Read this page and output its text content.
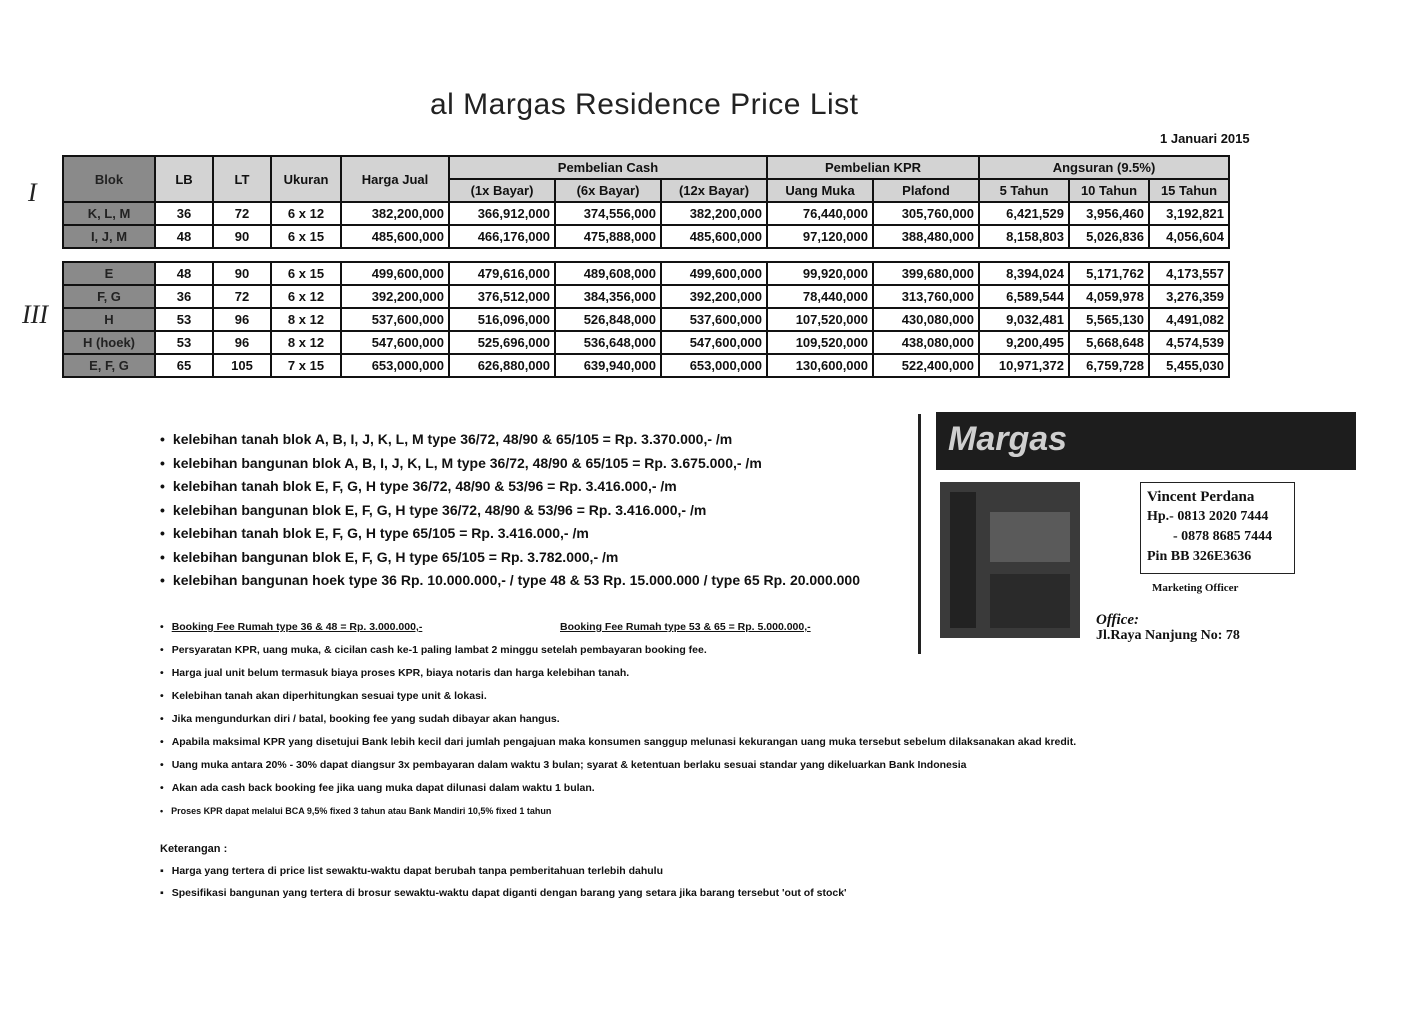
al Margas Residence Price List
1 Januari 2015
I
III
Blok	LB	LT	Ukuran	Harga Jual	Pembelian Cash			Pembelian KPR		Angsuran (9.5%)		
					(1x Bayar)	(6x Bayar)	(12x Bayar)	Uang Muka	Plafond	5 Tahun	10 Tahun	15 Tahun
K, L, M	36	72	6 x 12	382,200,000	366,912,000	374,556,000	382,200,000	76,440,000	305,760,000	6,421,529	3,956,460	3,192,821
I, J, M	48	90	6 x 15	485,600,000	466,176,000	475,888,000	485,600,000	97,120,000	388,480,000	8,158,803	5,026,836	4,056,604

E	48	90	6 x 15	499,600,000	479,616,000	489,608,000	499,600,000	99,920,000	399,680,000	8,394,024	5,171,762	4,173,557
F, G	36	72	6 x 12	392,200,000	376,512,000	384,356,000	392,200,000	78,440,000	313,760,000	6,589,544	4,059,978	3,276,359
H	53	96	8 x 12	537,600,000	516,096,000	526,848,000	537,600,000	107,520,000	430,080,000	9,032,481	5,565,130	4,491,082
H (hoek)	53	96	8 x 12	547,600,000	525,696,000	536,648,000	547,600,000	109,520,000	438,080,000	9,200,495	5,668,648	4,574,539
E, F, G	65	105	7 x 15	653,000,000	626,880,000	639,940,000	653,000,000	130,600,000	522,400,000	10,971,372	6,759,728	5,455,030
• kelebihan tanah blok A, B, I, J, K, L, M type 36/72, 48/90 & 65/105 = Rp. 3.370.000,- /m
• kelebihan bangunan blok A, B, I, J, K, L, M type 36/72, 48/90 & 65/105 = Rp. 3.675.000,- /m
• kelebihan tanah blok E, F, G, H type 36/72, 48/90 & 53/96 = Rp. 3.416.000,- /m
• kelebihan bangunan blok E, F, G, H type 36/72, 48/90 & 53/96 = Rp. 3.416.000,- /m
• kelebihan tanah blok E, F, G, H type 65/105 = Rp. 3.416.000,- /m
• kelebihan bangunan blok E, F, G, H type 65/105 = Rp. 3.782.000,- /m
• kelebihan bangunan hoek type 36 Rp. 10.000.000,- / type 48 & 53 Rp. 15.000.000 / type 65 Rp. 20.000.000
• Booking Fee Rumah type 36 & 48 = Rp. 3.000.000,-
• Persyaratan KPR, uang muka, & cicilan cash ke-1 paling lambat 2 minggu setelah pembayaran booking fee.
• Harga jual unit belum termasuk biaya proses KPR, biaya notaris dan harga kelebihan tanah.
• Kelebihan tanah akan diperhitungkan sesuai type unit & lokasi.
• Jika mengundurkan diri / batal, booking fee yang sudah dibayar akan hangus.
• Apabila maksimal KPR yang disetujui Bank lebih kecil dari jumlah pengajuan maka konsumen sanggup melunasi kekurangan uang muka tersebut sebelum dilaksanakan akad kredit.
• Uang muka antara 20% - 30% dapat diangsur 3x pembayaran dalam waktu 3 bulan; syarat & ketentuan berlaku sesuai standar yang dikeluarkan Bank Indonesia
• Akan ada cash back booking fee jika uang muka dapat dilunasi dalam waktu 1 bulan.
• Proses KPR dapat melalui BCA 9,5% fixed 3 tahun atau Bank Mandiri 10,5% fixed 1 tahun
Booking Fee Rumah type 53 & 65 = Rp. 5.000.000,-
Keterangan :
▪ Harga yang tertera di price list sewaktu-waktu dapat berubah tanpa pemberitahuan terlebih dahulu
▪ Spesifikasi bangunan yang tertera di brosur sewaktu-waktu dapat diganti dengan barang yang setara jika barang tersebut 'out of stock'
Margas
Vincent Perdana
Hp.- 0813 2020 7444
- 0878 8685 7444
Pin BB 326E3636
Marketing Officer
Office:
Jl.Raya Nanjung No: 78
